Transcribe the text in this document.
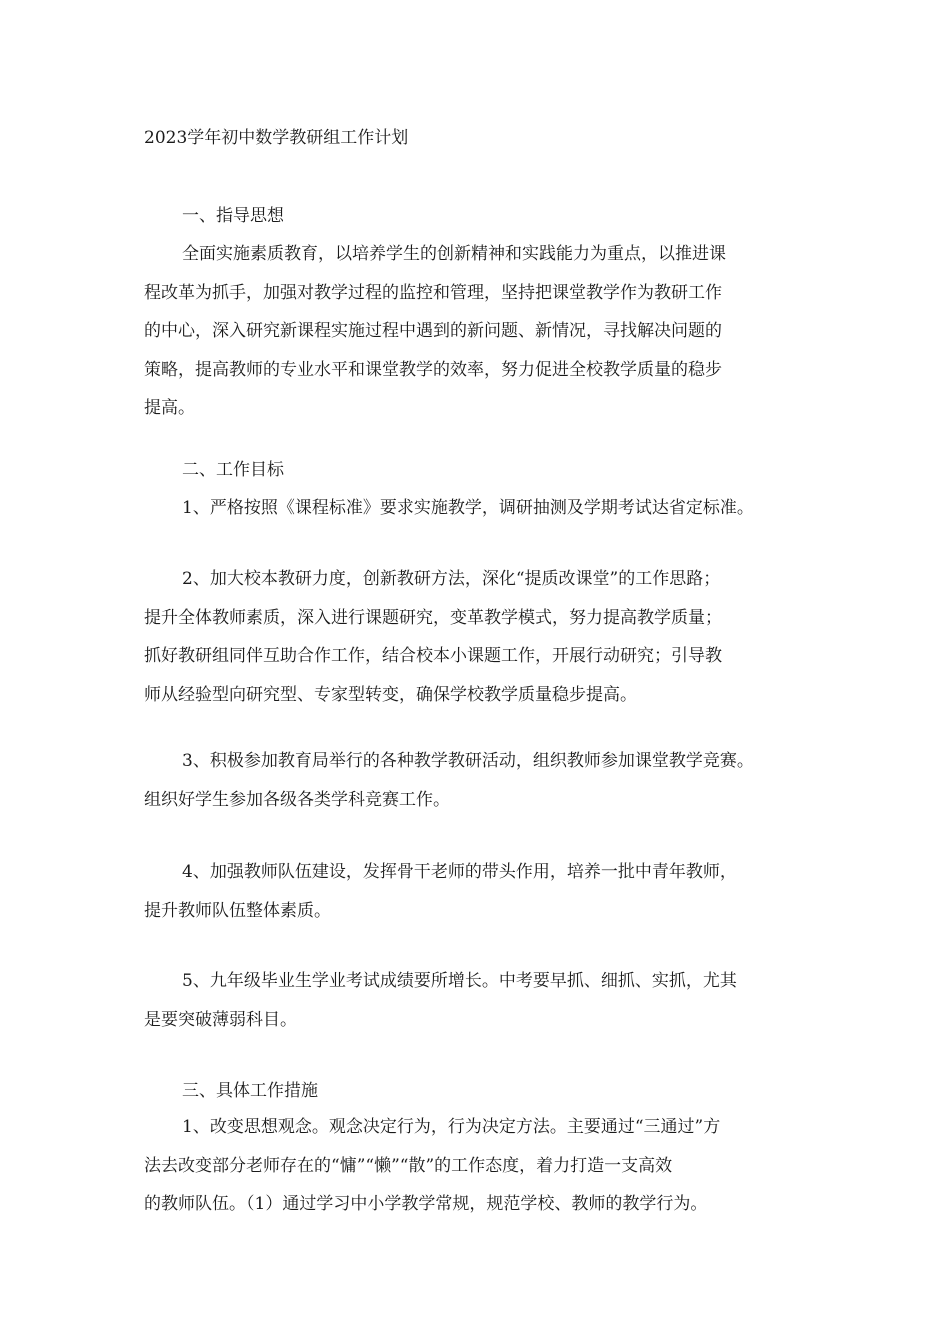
2023学年初中数学教研组工作计划
一、指导思想
全面实施素质教育，以培养学生的创新精神和实践能力为重点，以推进课
程改革为抓手，加强对教学过程的监控和管理，坚持把课堂教学作为教研工作
的中心，深入研究新课程实施过程中遇到的新问题、新情况，寻找解决问题的
策略，提高教师的专业水平和课堂教学的效率，努力促进全校教学质量的稳步
提高。
二、工作目标
1、严格按照《课程标准》要求实施教学，调研抽测及学期考试达省定标准。
2、加大校本教研力度，创新教研方法，深化“提质改课堂”的工作思路；
提升全体教师素质，深入进行课题研究，变革教学模式，努力提高教学质量；
抓好教研组同伴互助合作工作，结合校本小课题工作，开展行动研究；引导教
师从经验型向研究型、专家型转变，确保学校教学质量稳步提高。
3、积极参加教育局举行的各种教学教研活动，组织教师参加课堂教学竞赛。
组织好学生参加各级各类学科竞赛工作。
4、加强教师队伍建设，发挥骨干老师的带头作用，培养一批中青年教师，
提升教师队伍整体素质。
5、九年级毕业生学业考试成绩要所增长。中考要早抓、细抓、实抓，尤其
是要突破薄弱科目。
三、具体工作措施
1、改变思想观念。观念决定行为，行为决定方法。主要通过“三通过”方
法去改变部分老师存在的“慵”“懒”“散”的工作态度，着力打造一支高效
的教师队伍。（1）通过学习中小学教学常规，规范学校、教师的教学行为。
